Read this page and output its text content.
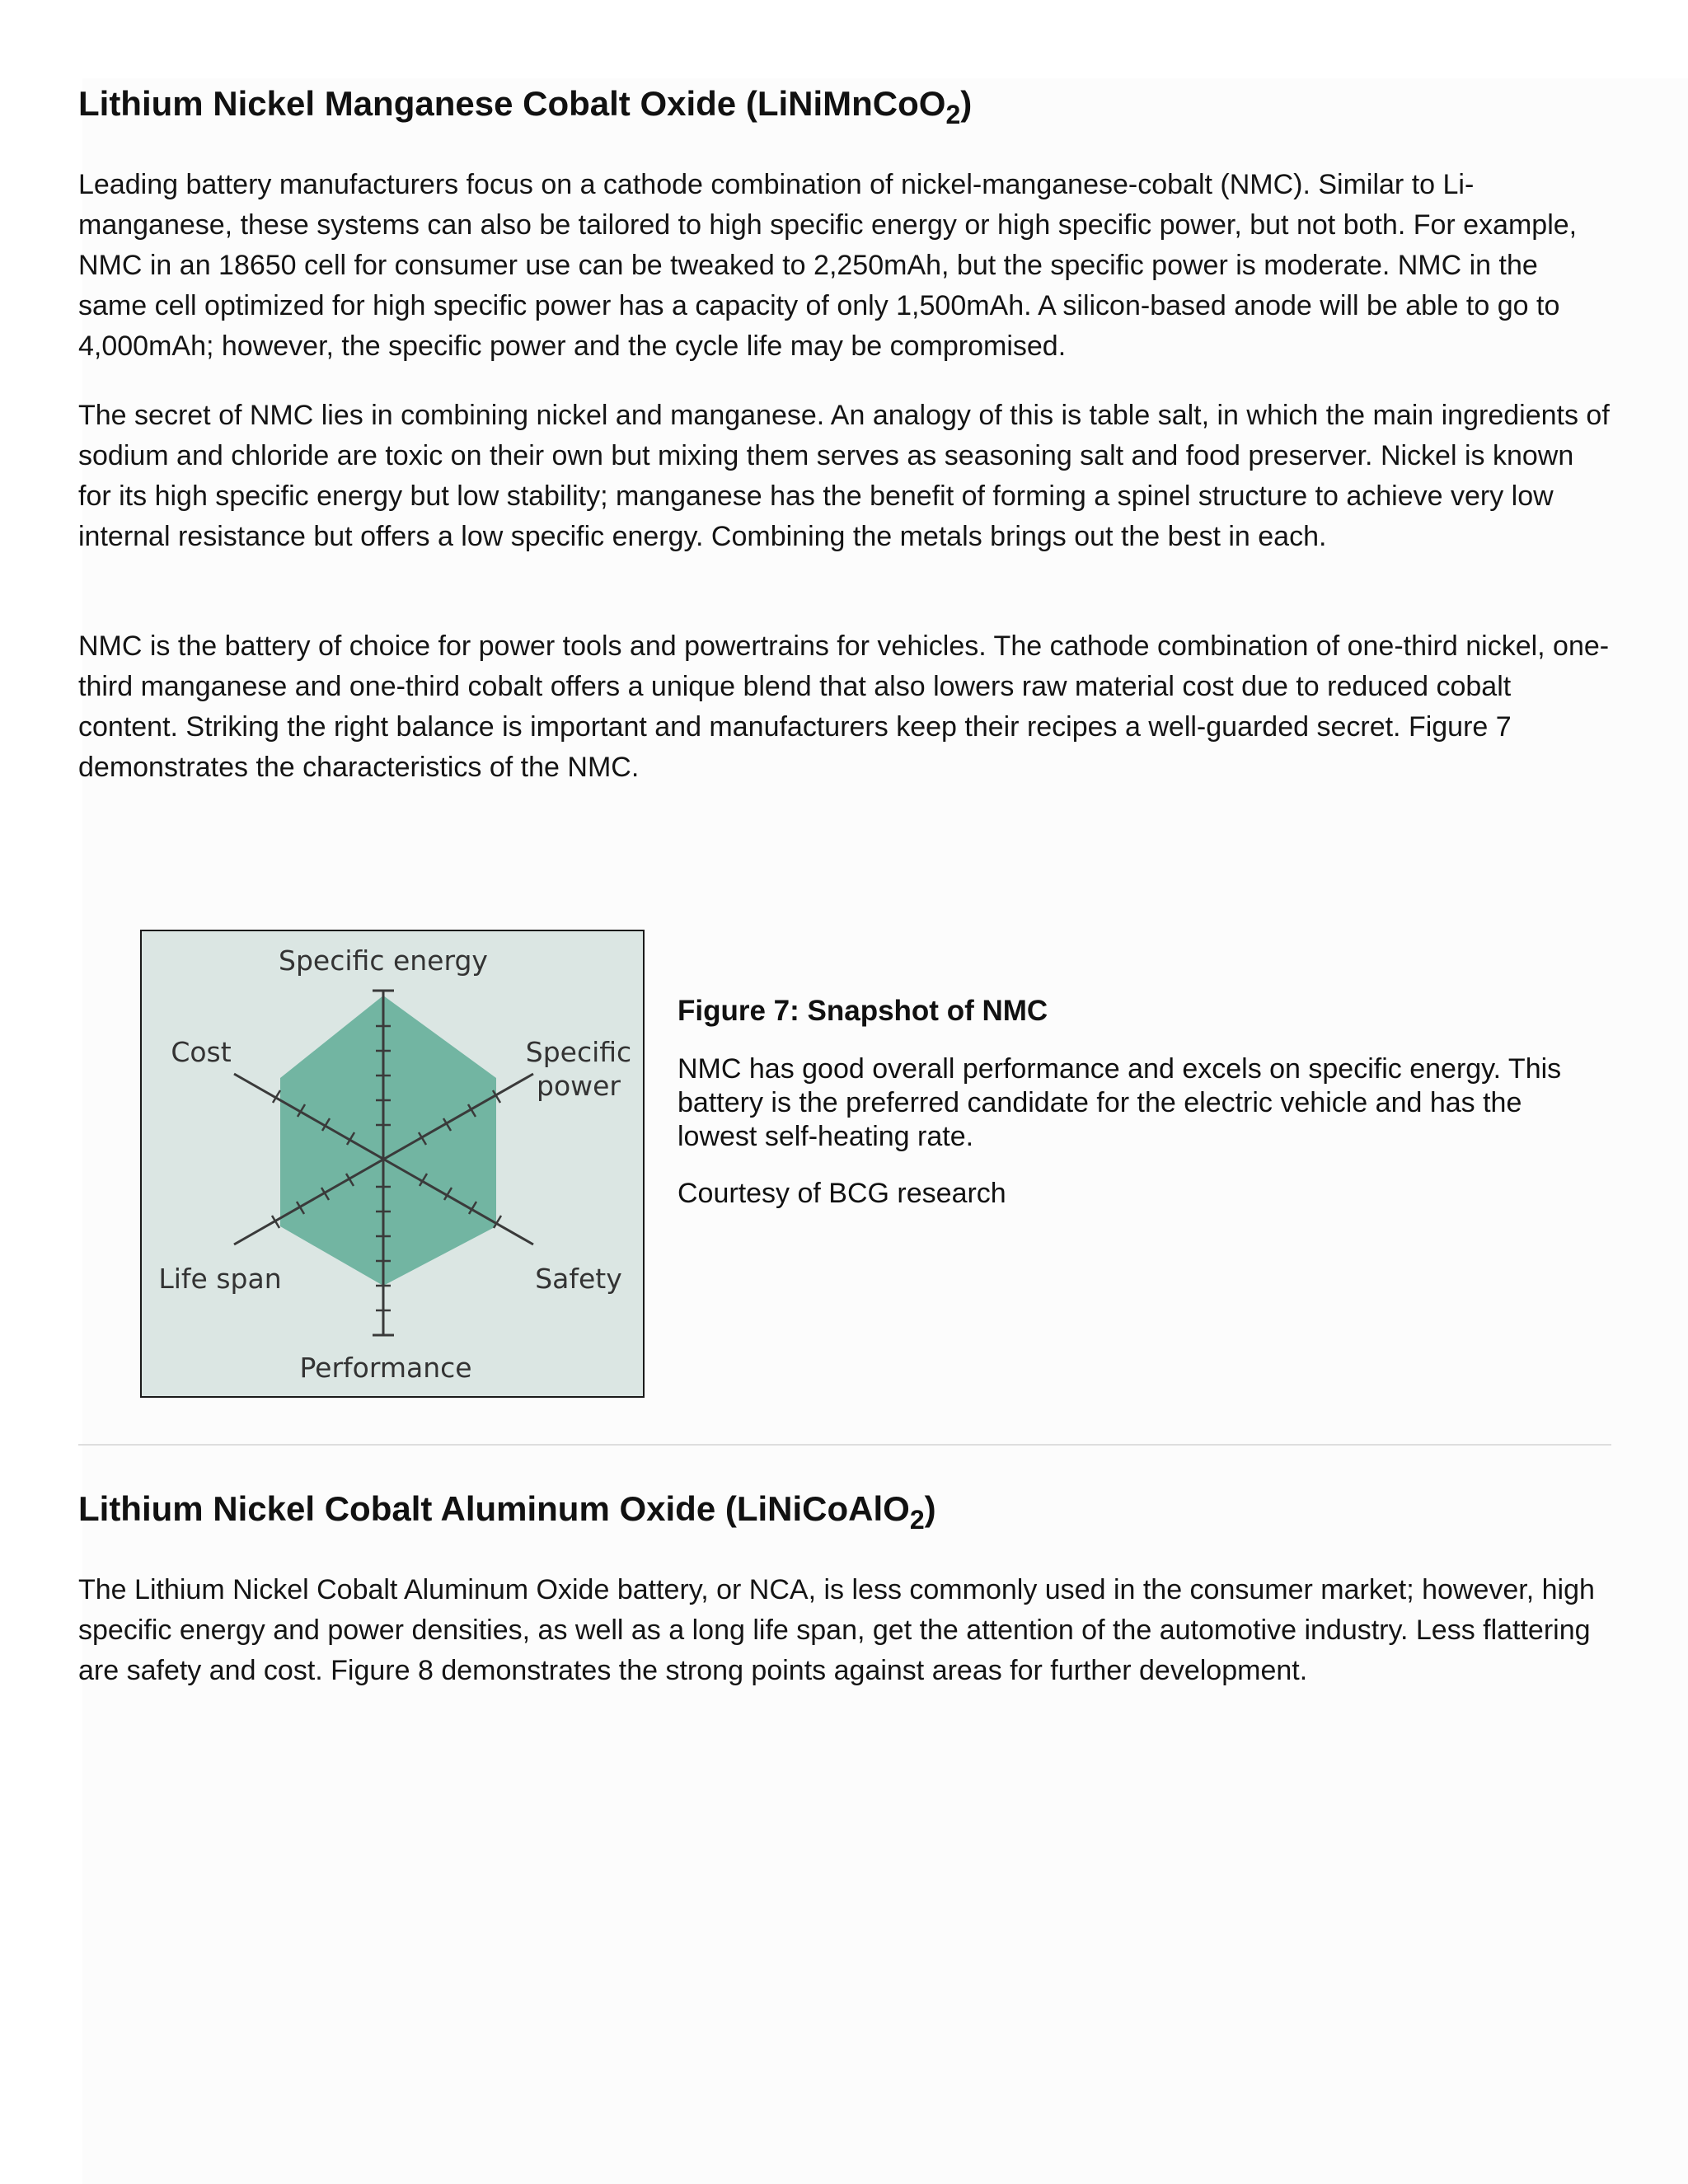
Lithium Nickel Manganese Cobalt Oxide (LiNiMnCoO$_2$)

Leading battery manufacturers focus on a cathode combination of nickel-manganese-cobalt (NMC). Similar to Li-manganese, these systems can also be tailored to high specific energy or high specific power, but not both. For example, NMC in an 18650 cell for consumer use can be tweaked to 2,250mAh, but the specific power is moderate. NMC in the same cell optimized for high specific power has a capacity of only 1,500mAh. A silicon-based anode will be able to go to 4,000mAh; however, the specific power and the cycle life may be compromised.

The secret of NMC lies in combining nickel and manganese. An analogy of this is table salt, in which the main ingredients of sodium and chloride are toxic on their own but mixing them serves as seasoning salt and food preserver. Nickel is known for its high specific energy but low stability; manganese has the benefit of forming a spinel structure to achieve very low internal resistance but offers a low specific energy. Combining the metals brings out the best in each.

NMC is the battery of choice for power tools and powertrains for vehicles. The cathode combination of one-third nickel, one-third manganese and one-third cobalt offers a unique blend that also lowers raw material cost due to reduced cobalt content. Striking the right balance is important and manufacturers keep their recipes a well-guarded secret. Figure 7 demonstrates the characteristics of the NMC.

Specific energy
Specific
power
Safety
Performance
Life span
Cost
Figure 7: Snapshot of NMC
NMC has good overall performance and excels on specific energy. This battery is the preferred candidate for the electric vehicle and has the lowest self-heating rate.
Courtesy of BCG research
Lithium Nickel Cobalt Aluminum Oxide (LiNiCoAlO$_2$)

The Lithium Nickel Cobalt Aluminum Oxide battery, or NCA, is less commonly used in the consumer market; however, high specific energy and power densities, as well as a long life span, get the attention of the automotive industry. Less flattering are safety and cost. Figure 8 demonstrates the strong points against areas for further development.
